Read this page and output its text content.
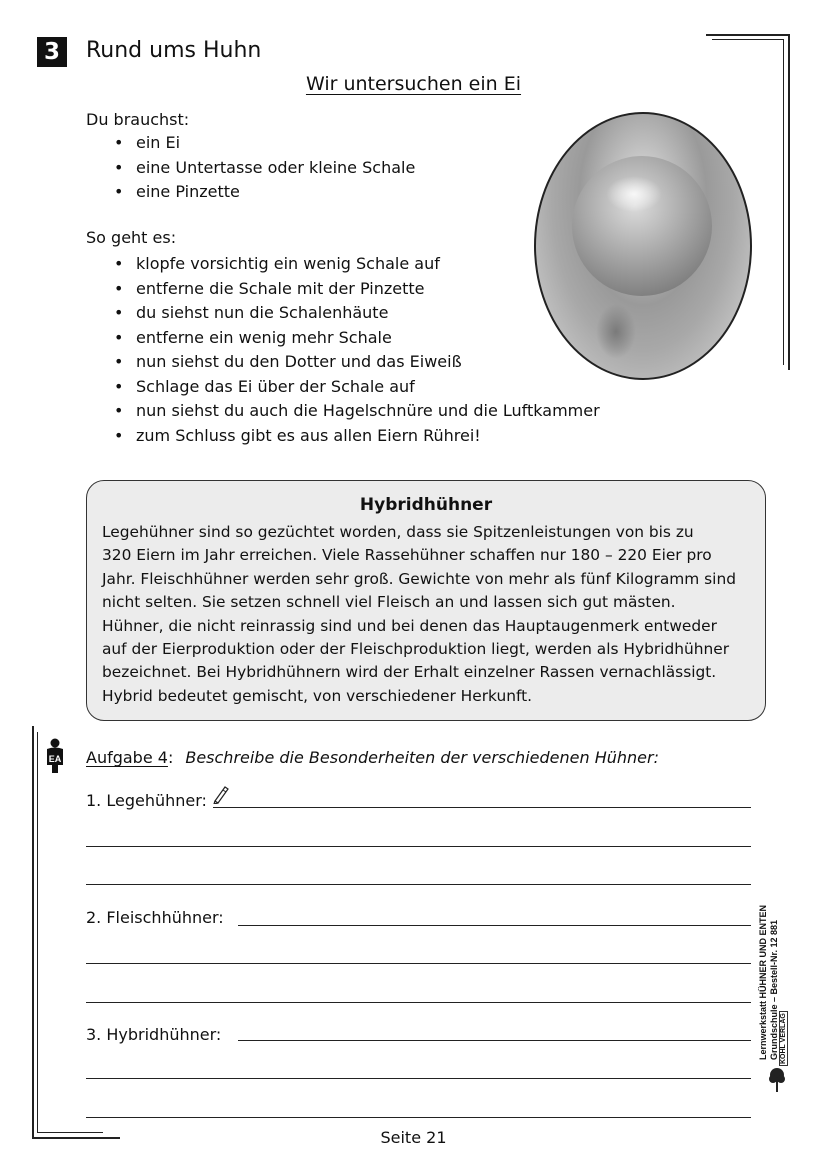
3	Rund ums Huhn
Wir untersuchen ein Ei
Du brauchst:
• ein Ei
• eine Untertasse oder kleine Schale
• eine Pinzette
So geht es:
• klopfe vorsichtig ein wenig Schale auf
• entferne die Schale mit der Pinzette
• du siehst nun die Schalenhäute
• entferne ein wenig mehr Schale
• nun siehst du den Dotter und das Eiweiß
• Schlage das Ei über der Schale auf
• nun siehst du auch die Hagelschnüre und die Luftkammer
• zum Schluss gibt es aus allen Eiern Rührei!
Hybridhühner
Legehühner sind so gezüchtet worden, dass sie Spitzenleistungen von bis zu
320 Eiern im Jahr erreichen. Viele Rassehühner schaffen nur 180 – 220 Eier pro
Jahr. Fleischhühner werden sehr groß. Gewichte von mehr als fünf Kilogramm sind
nicht selten. Sie setzen schnell viel Fleisch an und lassen sich gut mästen.
Hühner, die nicht reinrassig sind und bei denen das Hauptaugenmerk entweder
auf der Eierproduktion oder der Fleischproduktion liegt, werden als Hybridhühner
bezeichnet. Bei Hybridhühnern wird der Erhalt einzelner Rassen vernachlässigt.
Hybrid bedeutet gemischt, von verschiedener Herkunft.
EA Aufgabe 4: Beschreibe die Besonderheiten der verschiedenen Hühner:
1. Legehühner:
2. Fleischhühner:
3. Hybridhühner:	Lernwerkstatt HÜHNER UND ENTEN Grundschule – Bestell-Nr. 12 881 KOHL VERLAG
Seite 21
